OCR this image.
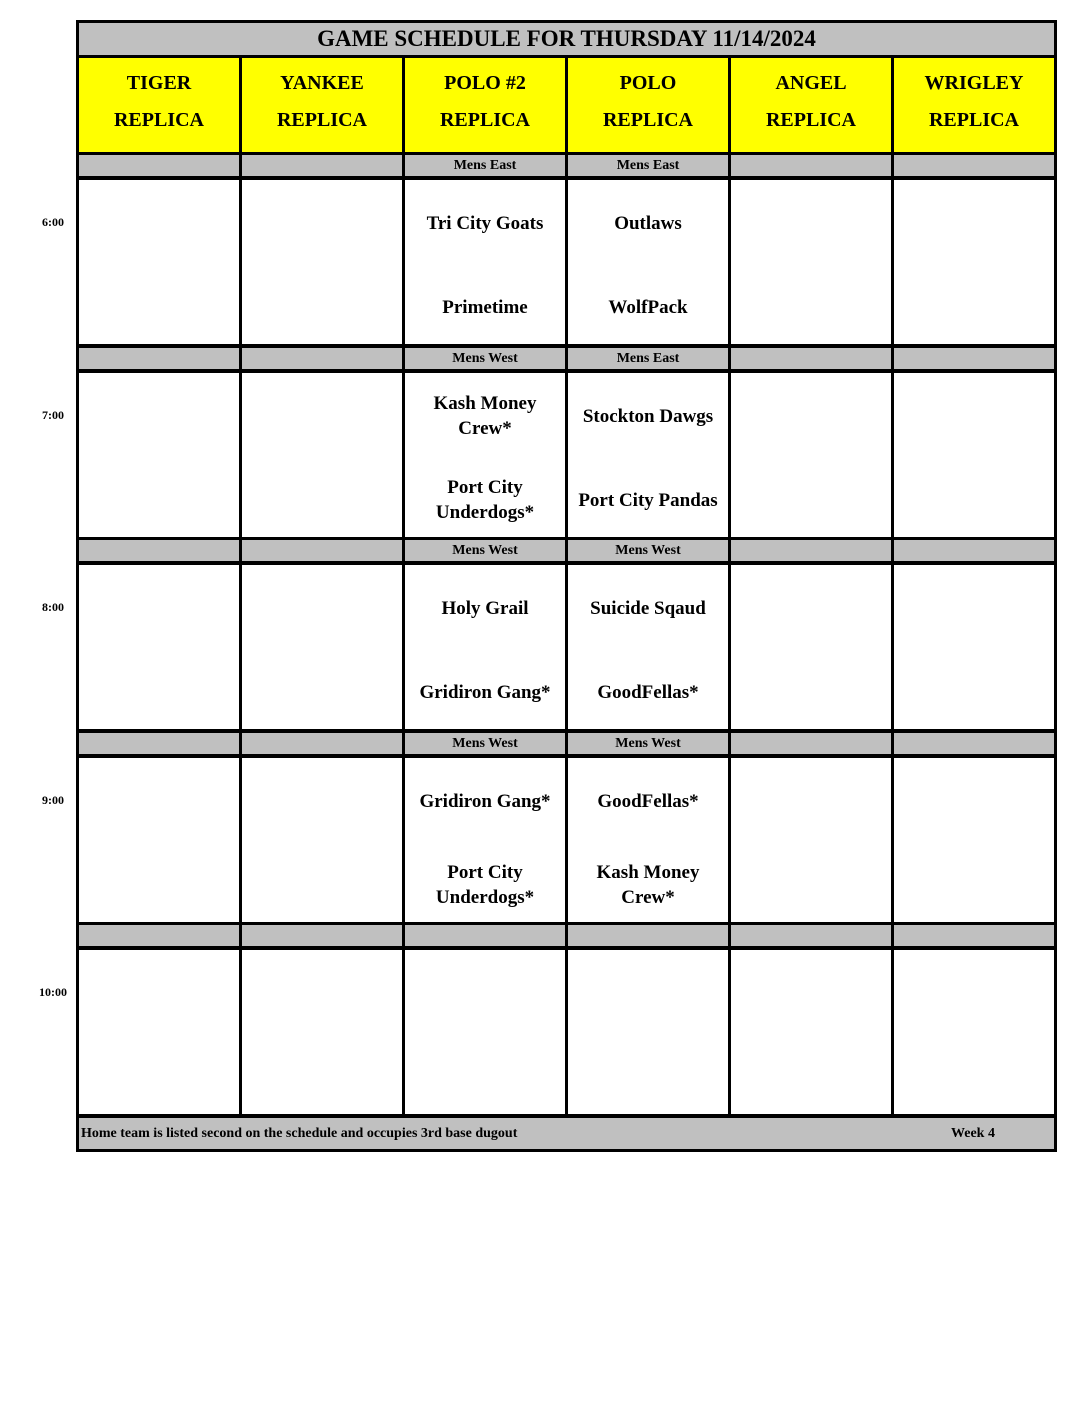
GAME SCHEDULE FOR THURSDAY 11/14/2024
TIGER
REPLICA
YANKEE
REPLICA
POLO #2
REPLICA
POLO
REPLICA
ANGEL
REPLICA
WRIGLEY
REPLICA
Mens East
Tri City Goats
Primetime
Mens East
Outlaws
WolfPack
Mens West
Kash Money Crew*
Port City Underdogs*
Mens East
Stockton Dawgs
Port City Pandas
Mens West
Holy Grail
Gridiron Gang*
Mens West
Suicide Sqaud
GoodFellas*
Mens West
Gridiron Gang*
Port City Underdogs*
Mens West
GoodFellas*
Kash Money Crew*
Home team is listed second on the schedule and occupies 3rd base dugout	Week 4
6:00
7:00
8:00
9:00
10:00
